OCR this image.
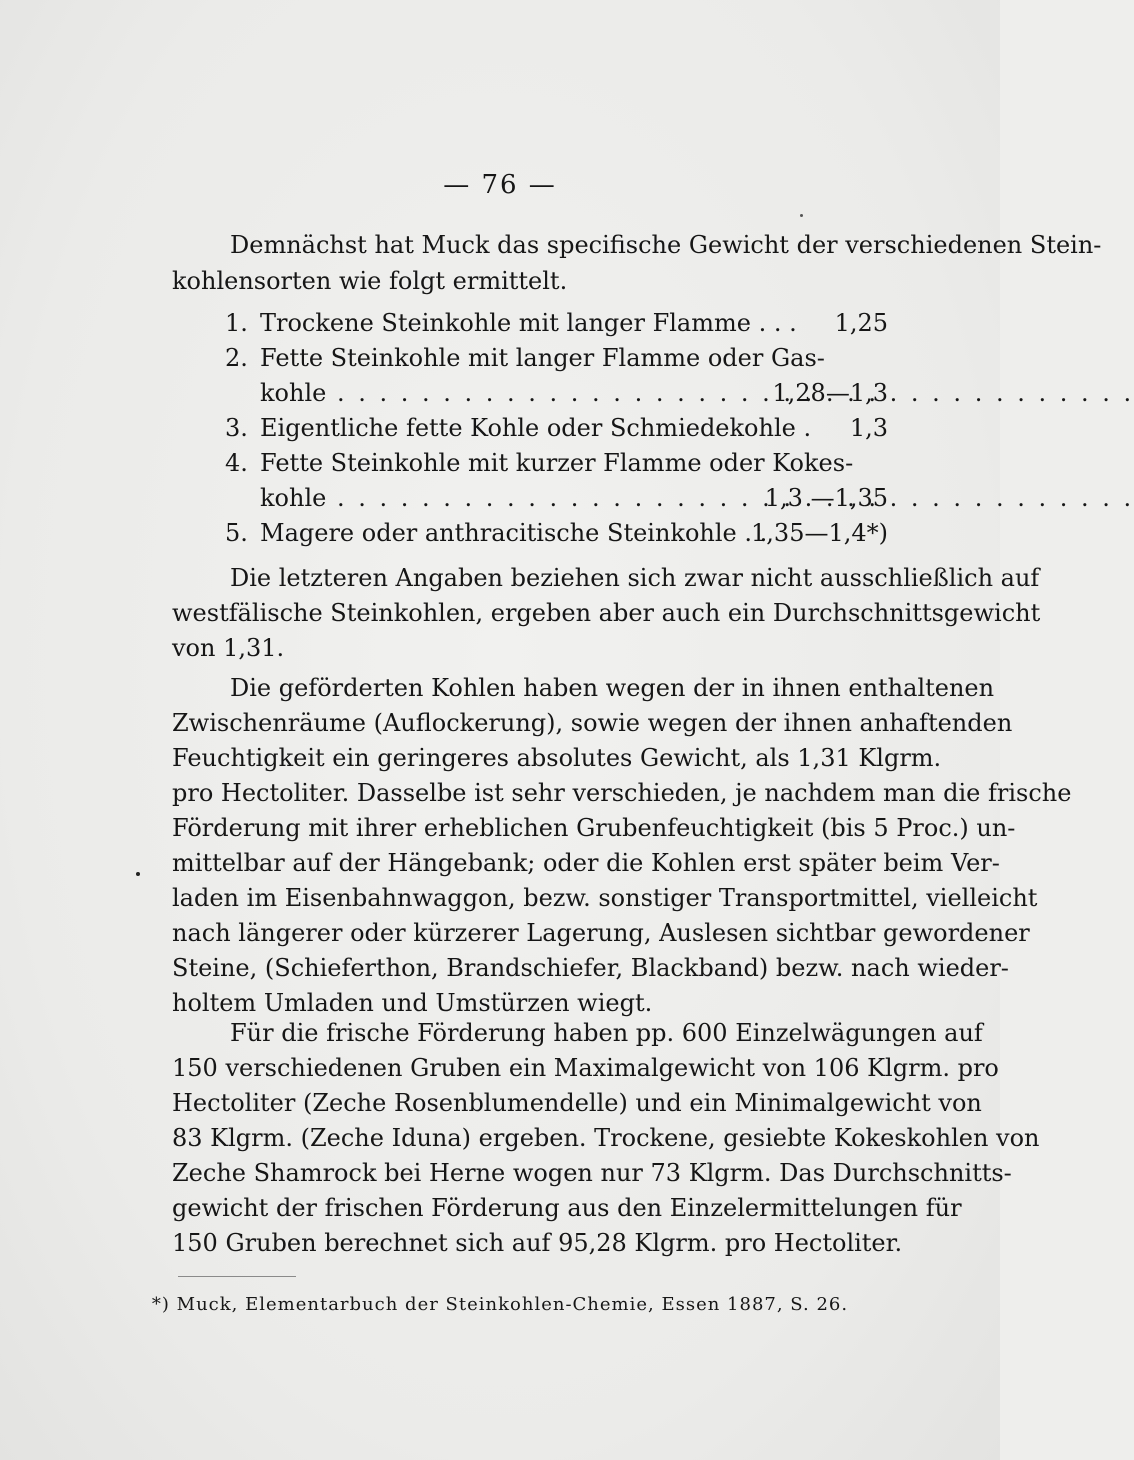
— 76 —
Demnächst hat Muck das specifische Gewicht der verschiedenen Stein-
kohlensorten wie folgt ermittelt.
1. Trockene Steinkohle mit langer Flamme . . . 1,25
2. Fette Steinkohle mit langer Flamme oder Gas-
kohle . . .	1,28—1,3
3. Eigentliche fette Kohle oder Schmiedekohle . 1,3
4. Fette Steinkohle mit kurzer Flamme oder Kokes-
kohle . . .	1,3 —1,35
5. Magere oder anthracitische Steinkohle . .
1,35—1,4*)
Die letzteren Angaben beziehen sich zwar nicht ausschließlich auf
westfälische Steinkohlen, ergeben aber auch ein Durchschnittsgewicht
von 1,31.
Die geförderten Kohlen haben wegen der in ihnen enthaltenen
Zwischenräume (Auflockerung), sowie wegen der ihnen anhaftenden
Feuchtigkeit ein geringeres absolutes Gewicht, als 1,31 Klgrm.
pro Hectoliter. Dasselbe ist sehr verschieden, je nachdem man die frische
Förderung mit ihrer erheblichen Grubenfeuchtigkeit (bis 5 Proc.) un-
mittelbar auf der Hängebank; oder die Kohlen erst später beim Ver-
laden im Eisenbahnwaggon, bezw. sonstiger Transportmittel, vielleicht
nach längerer oder kürzerer Lagerung, Auslesen sichtbar gewordener
Steine, (Schieferthon, Brandschiefer, Blackband) bezw. nach wieder-
holtem Umladen und Umstürzen wiegt.
Für die frische Förderung haben pp. 600 Einzelwägungen auf
150 verschiedenen Gruben ein Maximalgewicht von 106 Klgrm. pro
Hectoliter (Zeche Rosenblumendelle) und ein Minimalgewicht von
83 Klgrm. (Zeche Iduna) ergeben. Trockene, gesiebte Kokeskohlen von
Zeche Shamrock bei Herne wogen nur 73 Klgrm. Das Durchschnitts-
gewicht der frischen Förderung aus den Einzelermittelungen für
150 Gruben berechnet sich auf 95,28 Klgrm. pro Hectoliter.
*) Muck, Elementarbuch der Steinkohlen-Chemie, Essen 1887, S. 26.
